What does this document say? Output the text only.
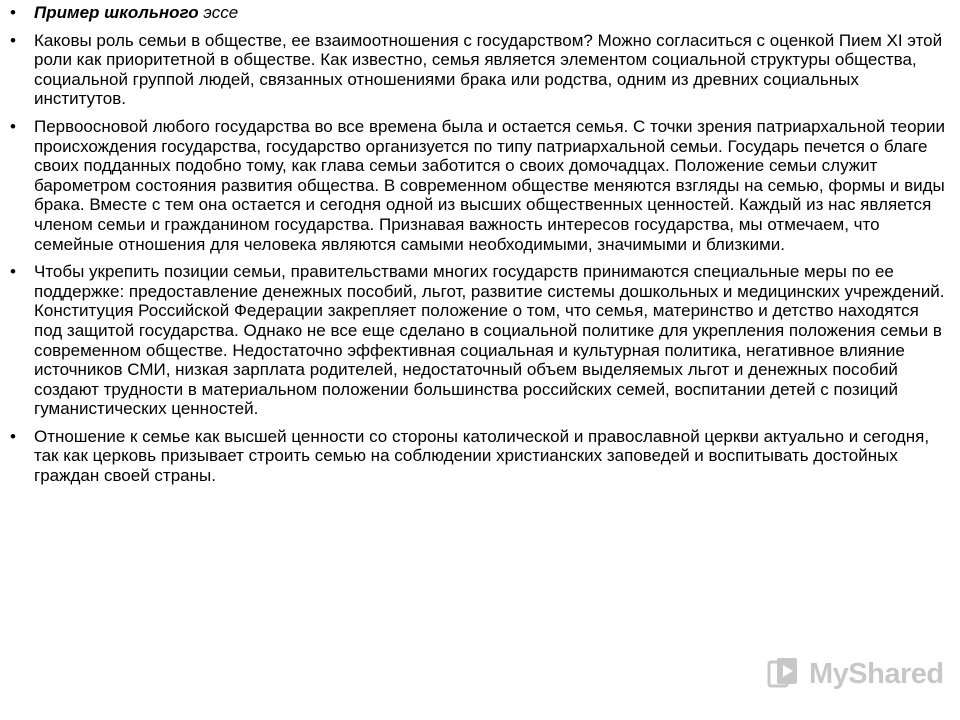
• Пример школьного эссе
• Каковы роль семьи в обществе, ее взаимоотношения с государством? Можно согласиться с оценкой Пием XI этой роли как приоритетной в обществе. Как известно, семья является элементом социальной структуры общества, социальной группой людей, связанных отношениями брака или родства, одним из древних социальных институтов.
• Первоосновой любого государства во все времена была и остается семья. С точки зрения патриархальной теории происхождения государства, государство организуется по типу патриархальной семьи. Государь печется о благе своих подданных подобно тому, как глава семьи заботится о своих домочадцах. Положение семьи служит барометром состояния развития общества. В современном обществе меняются взгляды на семью, формы и виды брака. Вместе с тем она остается и сегодня одной из высших общественных ценностей. Каждый из нас является членом семьи и гражданином государства. Признавая важность интересов государства, мы отмечаем, что семейные отношения для человека являются самыми необходимыми, значимыми и близкими.
• Чтобы укрепить позиции семьи, правительствами многих государств принимаются специальные меры по ее поддержке: предоставление денежных пособий, льгот, развитие системы дошкольных и медицинских учреждений. Конституция Российской Федерации закрепляет положение о том, что семья, материнство и детство находятся под защитой государства. Однако не все еще сделано в социальной политике для укрепления положения семьи в современном обществе. Недостаточно эффективная социальная и культурная политика, негативное влияние источников СМИ, низкая зарплата родителей, недостаточный объем выделяемых льгот и денежных пособий создают трудности в материальном положении большинства российских семей, воспитании детей с позиций гуманистических ценностей.
• Отношение к семье как высшей ценности со стороны католической и православной церкви актуально и сегодня, так как церковь призывает строить семью на соблюдении христианских заповедей и воспитывать достойных граждан своей страны.
MyShared
